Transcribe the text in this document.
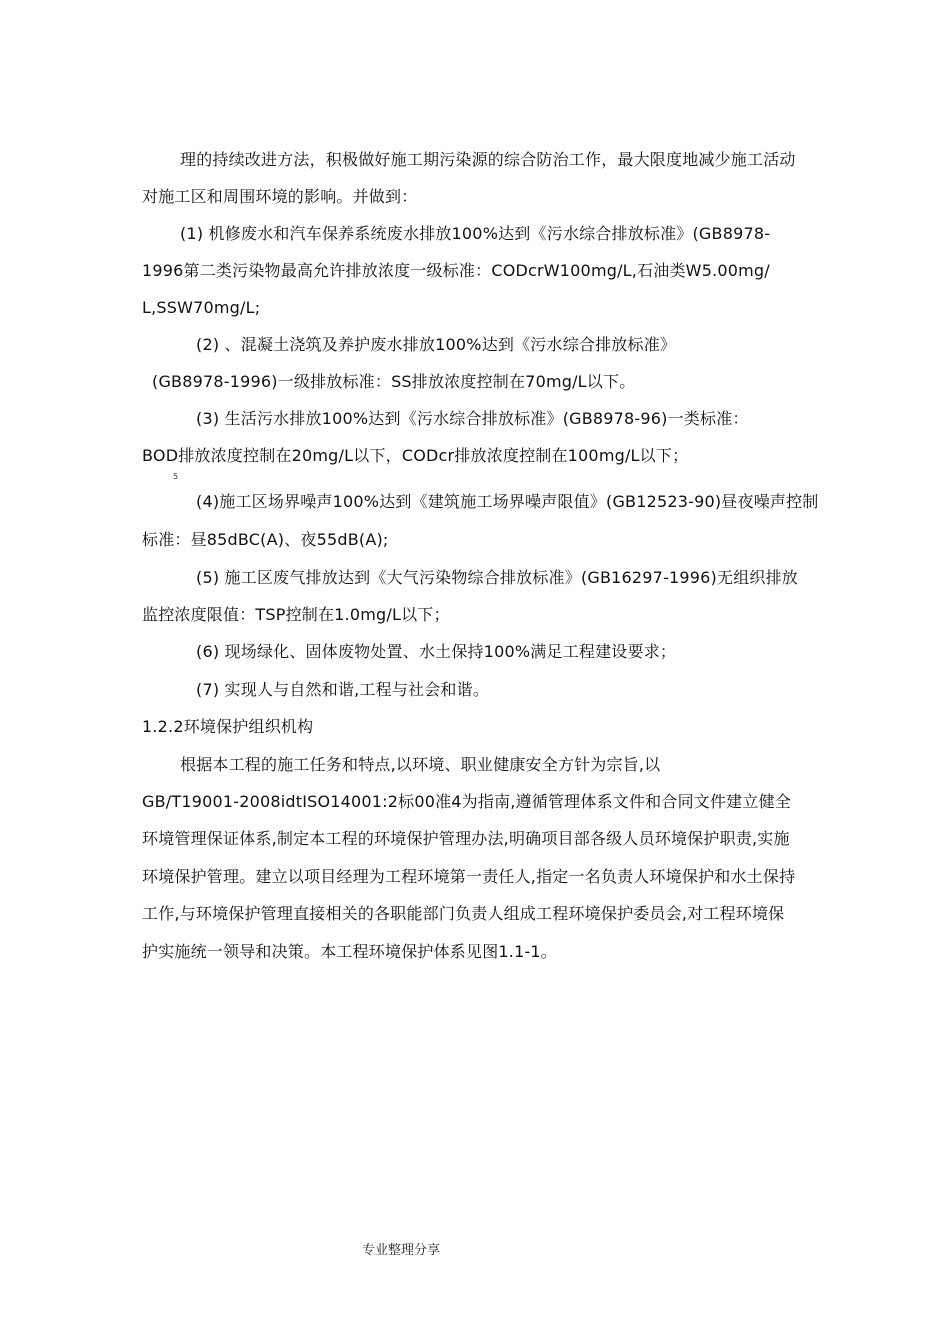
理的持续改进方法，积极做好施工期污染源的综合防治工作，最大限度地减少施工活动
对施工区和周围环境的影响。并做到：
(1) 机修废水和汽车保养系统废水排放100%达到《污水综合排放标准》(GB8978-
1996第二类污染物最高允许排放浓度一级标准：CODcrW100mg/L,石油类W5.00mg/
L,SSW70mg/L;
(2) 、混凝土浇筑及养护废水排放100%达到《污水综合排放标准》
(GB8978-1996)一级排放标准：SS排放浓度控制在70mg/L以下。
(3) 生活污水排放100%达到《污水综合排放标准》(GB8978-96)一类标准：
BOD排放浓度控制在20mg/L以下，CODcr排放浓度控制在100mg/L以下；
5
(4)施工区场界噪声100%达到《建筑施工场界噪声限值》(GB12523-90)昼夜噪声控制
标准：昼85dBC(A)、夜55dB(A);
(5) 施工区废气排放达到《大气污染物综合排放标准》(GB16297-1996)无组织排放
监控浓度限值：TSP控制在1.0mg/L以下；
(6) 现场绿化、固体废物处置、水土保持100%满足工程建设要求；
(7) 实现人与自然和谐,工程与社会和谐。
1.2.2环境保护组织机构
根据本工程的施工任务和特点,以环境、职业健康安全方针为宗旨,以
GB/T19001-2008idtISO14001:2标00准4为指南,遵循管理体系文件和合同文件建立健全
环境管理保证体系,制定本工程的环境保护管理办法,明确项目部各级人员环境保护职责,实施
环境保护管理。建立以项目经理为工程环境第一责任人,指定一名负责人环境保护和水土保持
工作,与环境保护管理直接相关的各职能部门负责人组成工程环境保护委员会,对工程环境保
护实施统一领导和决策。本工程环境保护体系见图1.1-1。
专业整理分享
